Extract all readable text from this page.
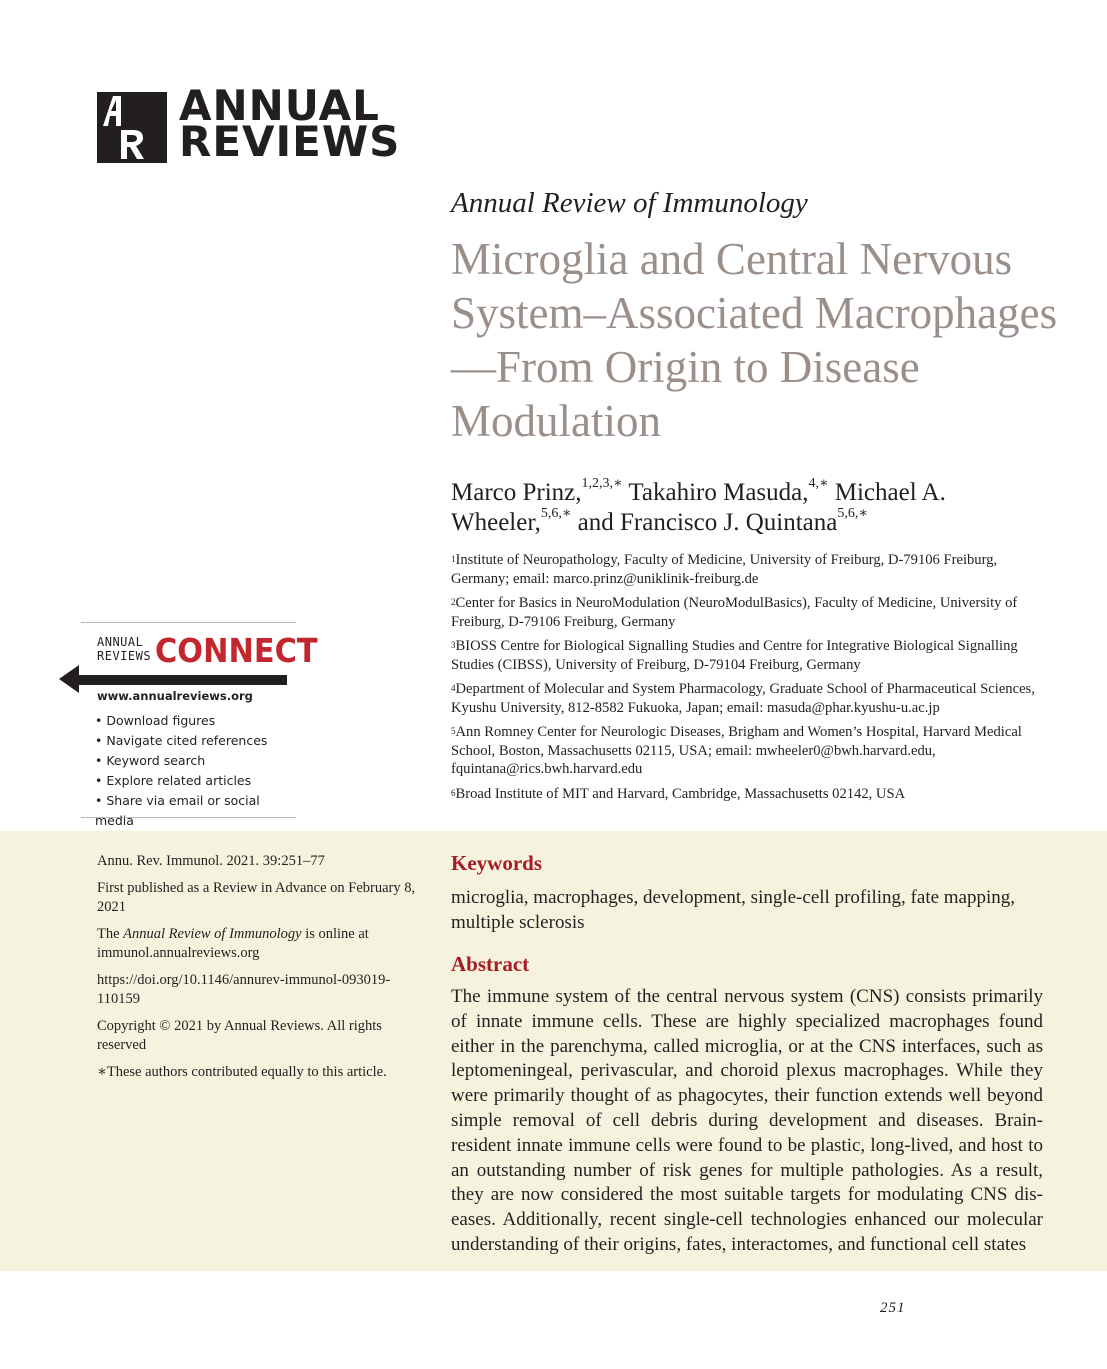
ANNUAL
REVIEWS
Annual Review of Immunology
Microglia and Central Nervous System–Associated Macrophages—From Origin to Disease Modulation
Marco Prinz,$^{1,2,3,∗}$ Takahiro Masuda,$^{4,∗}$ Michael A. Wheeler,$^{5,6,∗}$ and Francisco J. Quintana$^{5,6,∗}$
$^1$Institute of Neuropathology, Faculty of Medicine, University of Freiburg, D-79106 Freiburg, Germany; email: marco.prinz@uniklinik-freiburg.de
$^2$Center for Basics in NeuroModulation (NeuroModulBasics), Faculty of Medicine, University of Freiburg, D-79106 Freiburg, Germany
$^3$BIOSS Centre for Biological Signalling Studies and Centre for Integrative Biological Signalling Studies (CIBSS), University of Freiburg, D-79104 Freiburg, Germany
$^4$Department of Molecular and System Pharmacology, Graduate School of Pharmaceutical Sciences, Kyushu University, 812-8582 Fukuoka, Japan; email: masuda@phar.kyushu-u.ac.jp
$^5$Ann Romney Center for Neurologic Diseases, Brigham and Women’s Hospital, Harvard Medical School, Boston, Massachusetts 02115, USA; email: mwheeler0@bwh.harvard.edu, fquintana@rics.bwh.harvard.edu
$^6$Broad Institute of MIT and Harvard, Cambridge, Massachusetts 02142, USA
ANNUAL
REVIEWS CONNECT
www.annualreviews.org
• Download figures
• Navigate cited references
• Keyword search
• Explore related articles
• Share via email or social media

Annu. Rev. Immunol. 2021. 39:251–77

First published as a Review in Advance on February 8, 2021

The Annual Review of Immunology is online at immunol.annualreviews.org

https://doi.org/10.1146/annurev-immunol-093019-110159

Copyright © 2021 by Annual Reviews. All rights reserved

∗These authors contributed equally to this article.

Keywords

microglia, macrophages, development, single-cell profiling, fate mapping, multiple sclerosis

Abstract

The immune system of the central nervous system (CNS) consists primarily of innate immune cells. These are highly specialized macrophages found either in the parenchyma, called microglia, or at the CNS interfaces, such as leptomeningeal, perivascular, and choroid plexus macrophages. While they were primarily thought of as phagocytes, their function extends well beyond simple removal of cell debris during development and diseases. Brain-resident innate immune cells were found to be plastic, long-lived, and host to an outstanding number of risk genes for multiple pathologies. As a result, they are now considered the most suitable targets for modulating CNS diseases. Additionally, recent single-cell technologies enhanced our molecular understanding of their origins, fates, interactomes, and functional cell states

251
